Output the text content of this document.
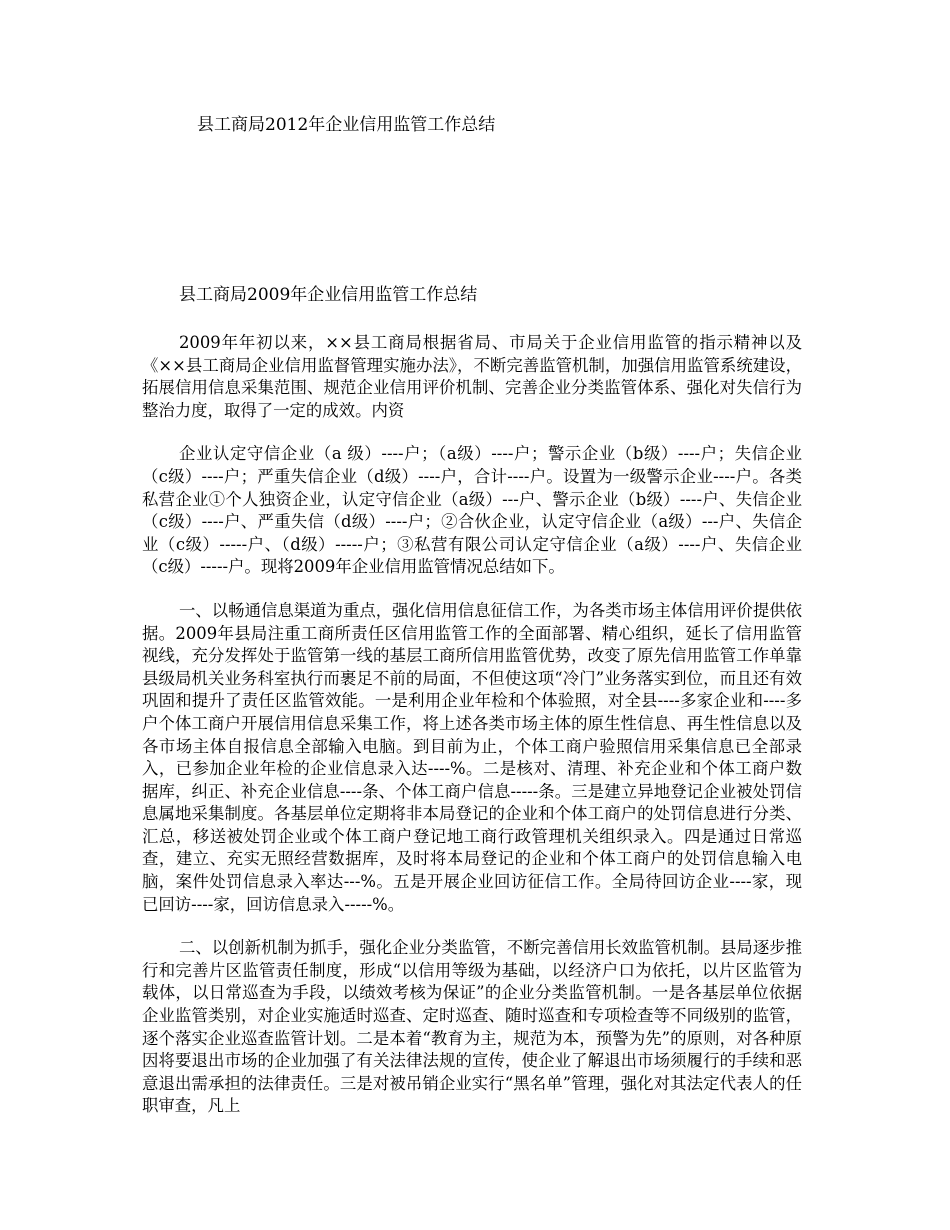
县工商局2012年企业信用监管工作总结
县工商局2009年企业信用监管工作总结

2009年年初以来，××县工商局根据省局、市局关于企业信用监管的指示精神以及《××县工商局企业信用监督管理实施办法》，不断完善监管机制，加强信用监管系统建设，拓展信用信息采集范围、规范企业信用评价机制、完善企业分类监管体系、强化对失信行为整治力度，取得了一定的成效。内资

企业认定守信企业（a 级）----户；（a级）----户；警示企业（b级）----户；失信企业（c级）----户；严重失信企业（d级）----户，合计----户。设置为一级警示企业----户。各类私营企业①个人独资企业，认定守信企业（a级）---户、警示企业（b级）----户、失信企业（c级）----户、严重失信（d级）----户；②合伙企业，认定守信企业（a级）---户、失信企业（c级）-----户、（d级）-----户；③私营有限公司认定守信企业（a级）----户、失信企业（c级）-----户。现将2009年企业信用监管情况总结如下。

一、以畅通信息渠道为重点，强化信用信息征信工作，为各类市场主体信用评价提供依据。2009年县局注重工商所责任区信用监管工作的全面部署、精心组织，延长了信用监管视线，充分发挥处于监管第一线的基层工商所信用监管优势，改变了原先信用监管工作单靠县级局机关业务科室执行而裹足不前的局面，不但使这项“冷门”业务落实到位，而且还有效巩固和提升了责任区监管效能。一是利用企业年检和个体验照，对全县----多家企业和----多户个体工商户开展信用信息采集工作，将上述各类市场主体的原生性信息、再生性信息以及各市场主体自报信息全部输入电脑。到目前为止，个体工商户验照信用采集信息已全部录入，已参加企业年检的企业信息录入达----%。二是核对、清理、补充企业和个体工商户数据库，纠正、补充企业信息----条、个体工商户信息-----条。三是建立异地登记企业被处罚信息属地采集制度。各基层单位定期将非本局登记的企业和个体工商户的处罚信息进行分类、汇总，移送被处罚企业或个体工商户登记地工商行政管理机关组织录入。四是通过日常巡查，建立、充实无照经营数据库，及时将本局登记的企业和个体工商户的处罚信息输入电脑，案件处罚信息录入率达---%。五是开展企业回访征信工作。全局待回访企业----家，现已回访----家，回访信息录入-----%。

二、以创新机制为抓手，强化企业分类监管，不断完善信用长效监管机制。县局逐步推行和完善片区监管责任制度，形成“以信用等级为基础，以经济户口为依托，以片区监管为载体，以日常巡查为手段，以绩效考核为保证”的企业分类监管机制。一是各基层单位依据企业监管类别，对企业实施适时巡查、定时巡查、随时巡查和专项检查等不同级别的监管，逐个落实企业巡查监管计划。二是本着“教育为主，规范为本，预警为先”的原则，对各种原因将要退出市场的企业加强了有关法律法规的宣传，使企业了解退出市场须履行的手续和恶意退出需承担的法律责任。三是对被吊销企业实行“黑名单”管理，强化对其法定代表人的任职审查，凡上
